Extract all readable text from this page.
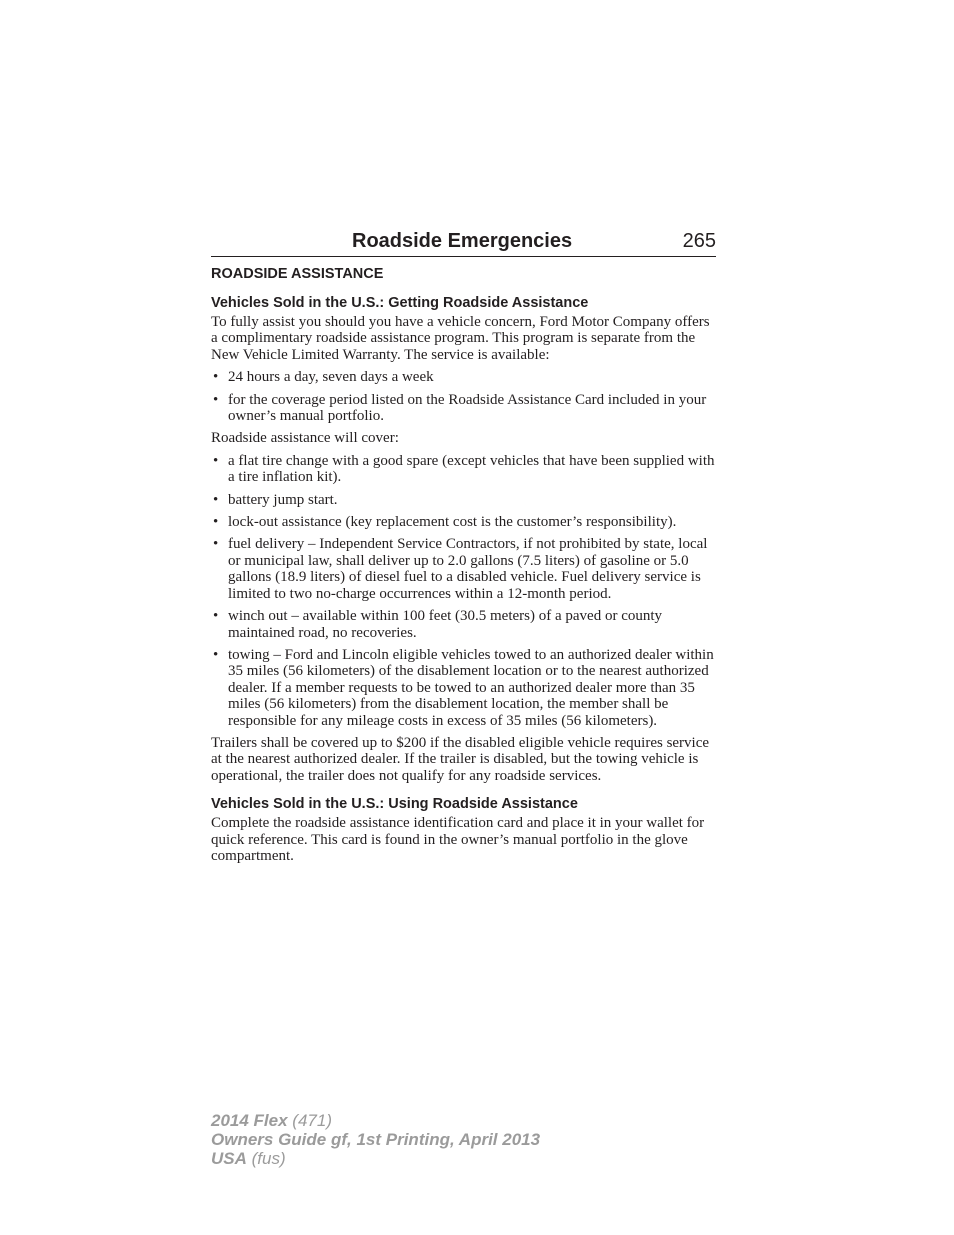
Roadside Emergencies	265
ROADSIDE ASSISTANCE
Vehicles Sold in the U.S.: Getting Roadside Assistance

To fully assist you should you have a vehicle concern, Ford Motor Company offers a complimentary roadside assistance program. This program is separate from the New Vehicle Limited Warranty. The service is available:

• 24 hours a day, seven days a week
• for the coverage period listed on the Roadside Assistance Card included in your owner’s manual portfolio.

Roadside assistance will cover:

• a flat tire change with a good spare (except vehicles that have been supplied with a tire inflation kit).
• battery jump start.
• lock-out assistance (key replacement cost is the customer’s responsibility).
• fuel delivery – Independent Service Contractors, if not prohibited by state, local or municipal law, shall deliver up to 2.0 gallons (7.5 liters) of gasoline or 5.0 gallons (18.9 liters) of diesel fuel to a disabled vehicle. Fuel delivery service is limited to two no-charge occurrences within a 12-month period.
• winch out – available within 100 feet (30.5 meters) of a paved or county maintained road, no recoveries.
• towing – Ford and Lincoln eligible vehicles towed to an authorized dealer within 35 miles (56 kilometers) of the disablement location or to the nearest authorized dealer. If a member requests to be towed to an authorized dealer more than 35 miles (56 kilometers) from the disablement location, the member shall be responsible for any mileage costs in excess of 35 miles (56 kilometers).

Trailers shall be covered up to $200 if the disabled eligible vehicle requires service at the nearest authorized dealer. If the trailer is disabled, but the towing vehicle is operational, the trailer does not qualify for any roadside services.

Vehicles Sold in the U.S.: Using Roadside Assistance

Complete the roadside assistance identification card and place it in your wallet for quick reference. This card is found in the owner’s manual portfolio in the glove compartment.

2014 Flex (471)
Owners Guide gf, 1st Printing, April 2013
USA (fus)
